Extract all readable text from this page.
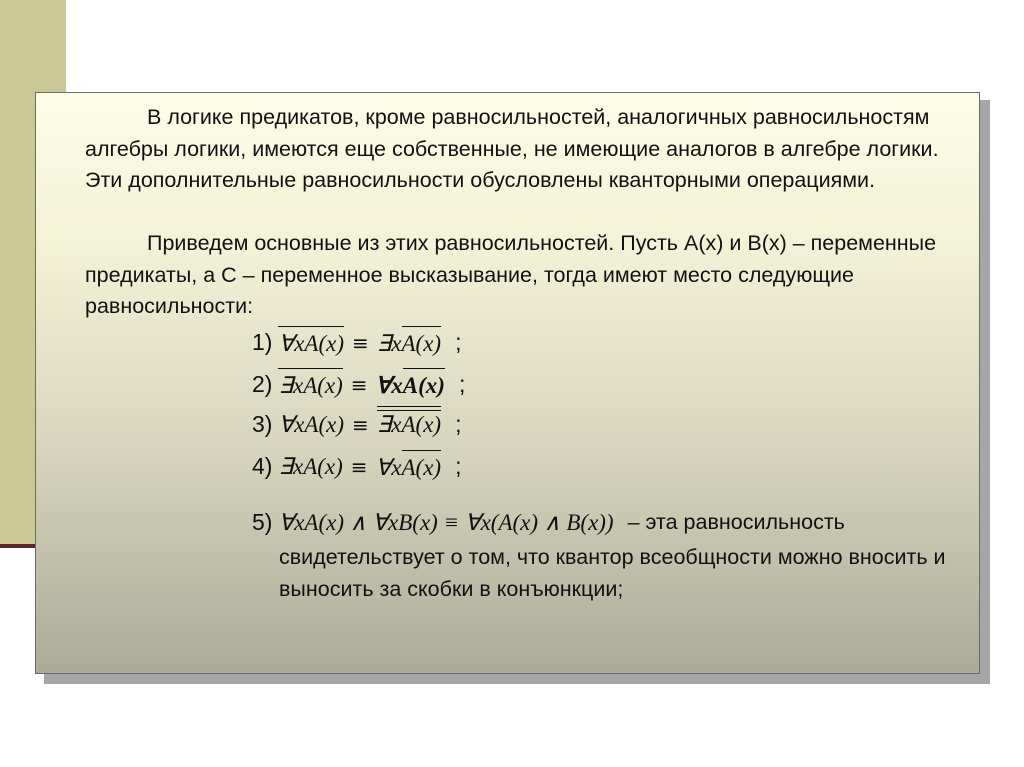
В логике предикатов, кроме равносильностей, аналогичных равносильностям алгебры логики, имеются еще собственные, не имеющие аналогов в алгебре логики. Эти дополнительные равносильности обусловлены кванторными операциями.

Приведем основные из этих равносильностей. Пусть A(x) и B(x) – переменные предикаты, а C – переменное высказывание, тогда имеют место следующие равносильности:

1) ∀xA(x) ≡ ∃xA(x) ;
2) ∃xA(x) ≡ ∀xA(x) ;
3) ∀xA(x) ≡ ∃xA(x) ;
4) ∃xA(x) ≡ ∀xA(x) ;
5) ∀xA(x) ∧ ∀xB(x) ≡ ∀x(A(x) ∧ B(x)) – эта равносильность

свидетельствует о том, что квантор всеобщности можно вносить и выносить за скобки в конъюнкции;
